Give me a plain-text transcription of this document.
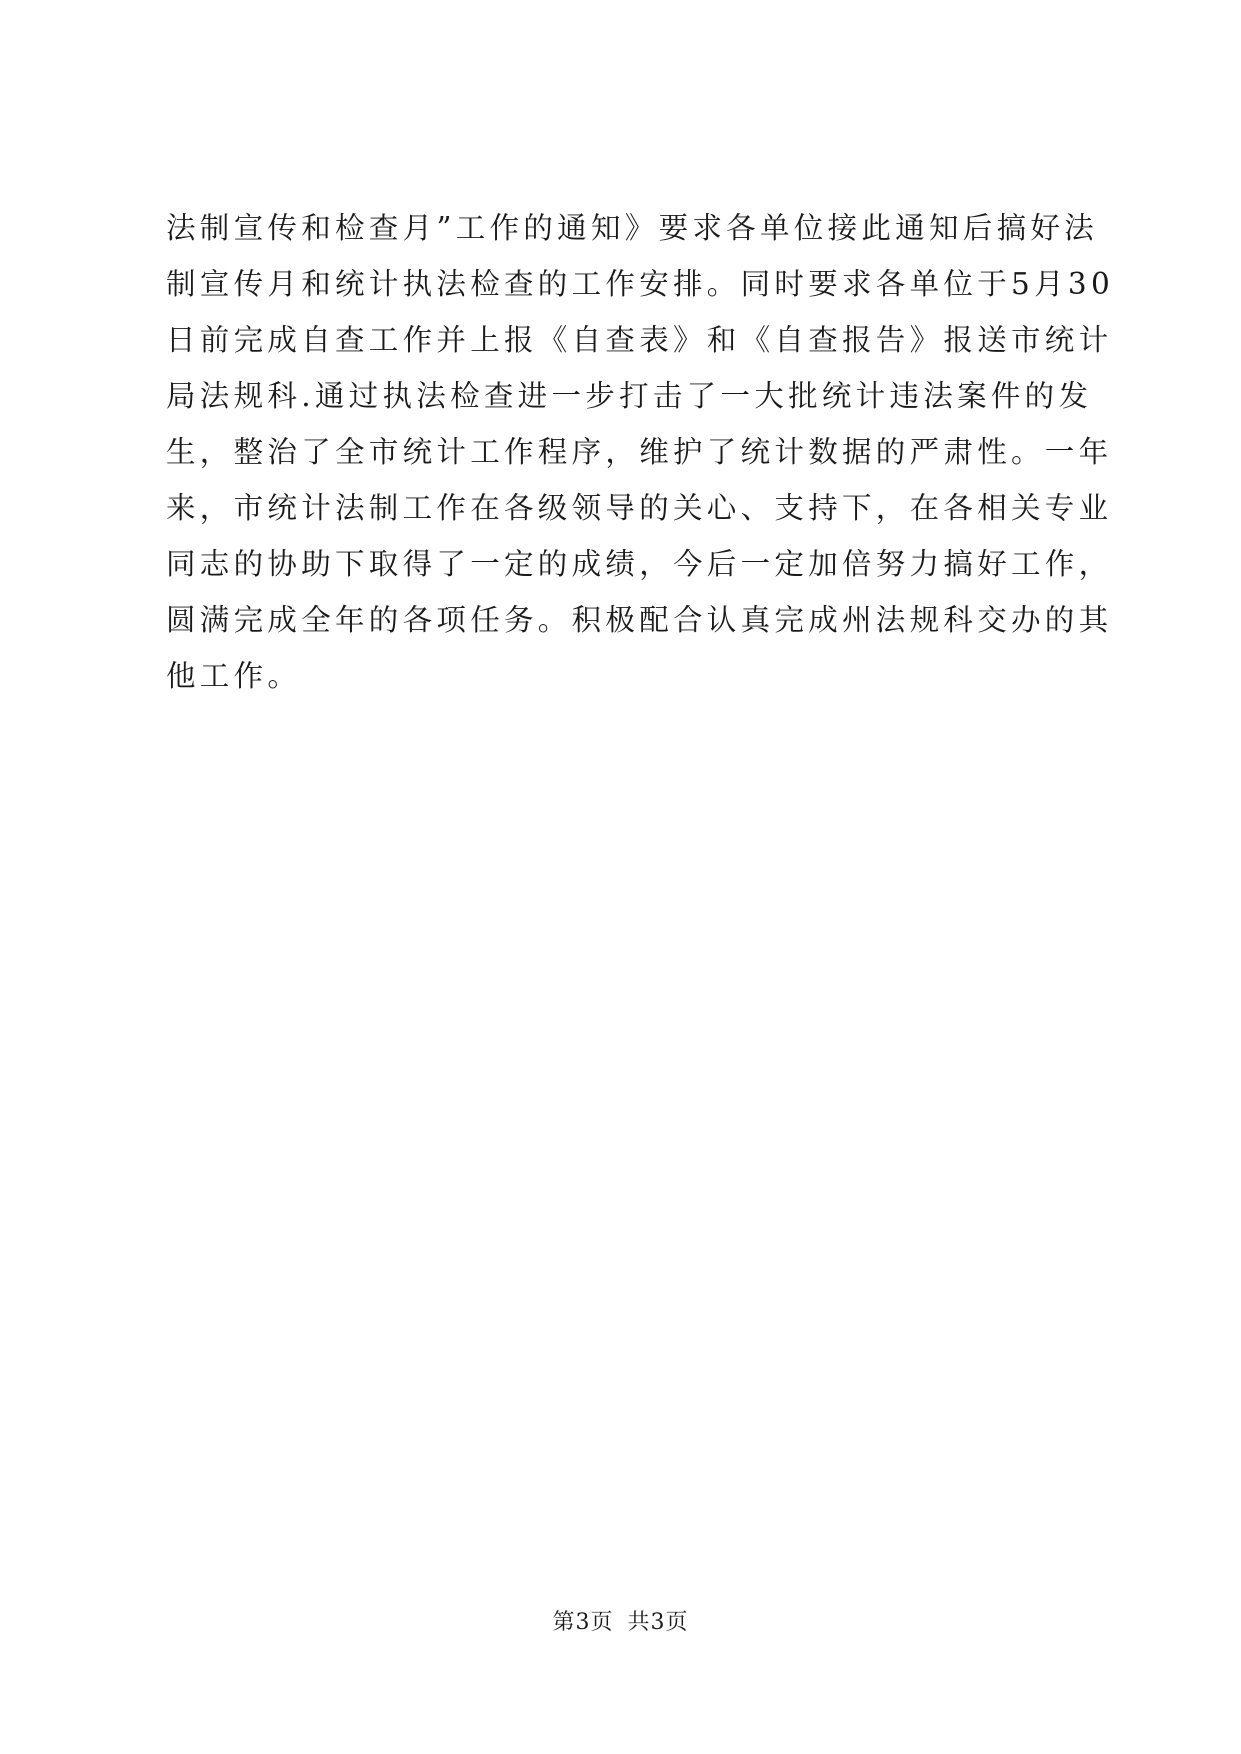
法制宣传和检查月”工作的通知》要求各单位接此通知后搞好法
制宣传月和统计执法检查的工作安排。同时要求各单位于5月30
日前完成自查工作并上报《自查表》和《自查报告》报送市统计
局法规科.通过执法检查进一步打击了一大批统计违法案件的发
生，整治了全市统计工作程序，维护了统计数据的严肃性。一年
来，市统计法制工作在各级领导的关心、支持下，在各相关专业
同志的协助下取得了一定的成绩，今后一定加倍努力搞好工作，
圆满完成全年的各项任务。积极配合认真完成州法规科交办的其
他工作。
第3页 共3页
